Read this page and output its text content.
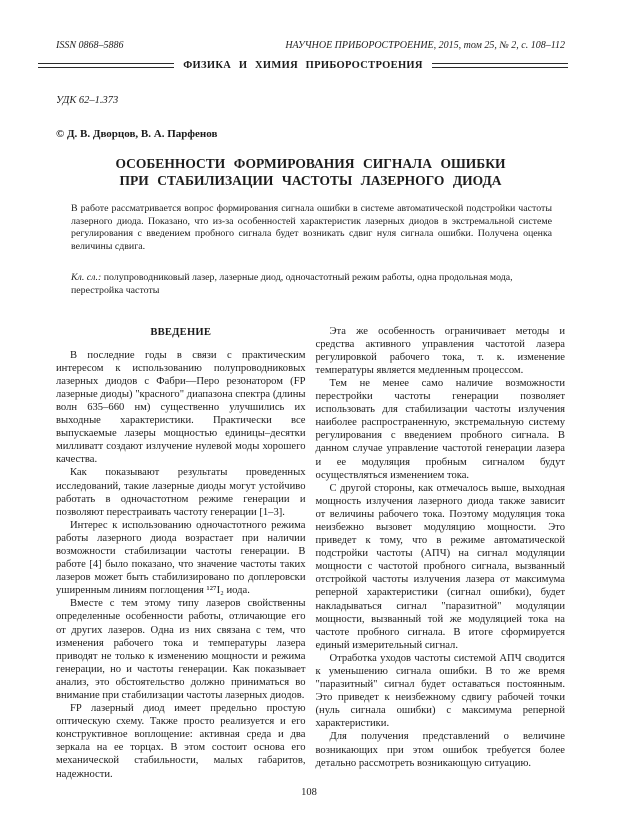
ISSN 0868–5886	НАУЧНОЕ ПРИБОРОСТРОЕНИЕ, 2015, том 25, № 2, с. 108–112
ФИЗИКА И ХИМИЯ ПРИБОРОСТРОЕНИЯ
УДК 62–1.373
© Д. В. Дворцов, В. А. Парфенов
ОСОБЕННОСТИ ФОРМИРОВАНИЯ СИГНАЛА ОШИБКИ
ПРИ СТАБИЛИЗАЦИИ ЧАСТОТЫ ЛАЗЕРНОГО ДИОДА

В работе рассматривается вопрос формирования сигнала ошибки в системе автоматической подстройки частоты лазерного диода. Показано, что из-за особенностей характеристик лазерных диодов в экстремальной системе регулирования с введением пробного сигнала будет возникать сдвиг нуля сигнала ошибки. Получена оценка величины сдвига.

Кл. сл.: полупроводниковый лазер, лазерные диод, одночастотный режим работы, одна продольная мода, перестройка частоты

ВВЕДЕНИЕ

В последние годы в связи с практическим интересом к использованию полупроводниковых лазерных диодов с Фабри—Перо резонатором (FP лазерные диоды) "красного" диапазона спектра (длины волн 635–660 нм) существенно улучшились их выходные характеристики. Практически все выпускаемые лазеры мощностью единицы–десятки милливатт создают излучение нулевой моды хорошего качества.

Как показывают результаты проведенных исследований, такие лазерные диоды могут устойчиво работать в одночастотном режиме генерации и позволяют перестраивать частоту генерации [1–3].

Интерес к использованию одночастотного режима работы лазерного диода возрастает при наличии возможности стабилизации частоты генерации. В работе [4] было показано, что значение частоты таких лазеров может быть стабилизировано по доплеровски уширенным линиям поглощения ¹²⁷I₂ иода.

Вместе с тем этому типу лазеров свойственны определенные особенности работы, отличающие его от других лазеров. Одна из них связана с тем, что изменения рабочего тока и температуры лазера приводят не только к изменению мощности и режима генерации, но и частоты генерации. Как показывает анализ, это обстоятельство должно приниматься во внимание при стабилизации частоты лазерных диодов.

FP лазерный диод имеет предельно простую оптическую схему. Также просто реализуется и его конструктивное воплощение: активная среда и два зеркала на ее торцах. В этом состоит основа его механической стабильности, малых габаритов, надежности.

Эта же особенность ограничивает методы и средства активного управления частотой лазера регулировкой рабочего тока, т. к. изменение температуры является медленным процессом.

Тем не менее само наличие возможности перестройки частоты генерации позволяет использовать для стабилизации частоты излучения наиболее распространенную, экстремальную систему регулирования с введением пробного сигнала. В данном случае управление частотой генерации лазера и ее модуляция пробным сигналом будут осуществляться изменением тока.

С другой стороны, как отмечалось выше, выходная мощность излучения лазерного диода также зависит от величины рабочего тока. Поэтому модуляция тока неизбежно вызовет модуляцию мощности. Это приведет к тому, что в режиме автоматической подстройки частоты (АПЧ) на сигнал модуляции мощности с частотой пробного сигнала, вызванный отстройкой частоты излучения лазера от максимума реперной характеристики (сигнал ошибки), будет накладываться сигнал "паразитной" модуляции мощности, вызванный той же модуляцией тока на частоте пробного сигнала. В итоге сформируется единый измерительный сигнал.

Отработка уходов частоты системой АПЧ сводится к уменьшению сигнала ошибки. В то же время "паразитный" сигнал будет оставаться постоянным. Это приведет к неизбежному сдвигу рабочей точки (нуль сигнала ошибки) с максимума реперной характеристики.

Для получения представлений о величине возникающих при этом ошибок требуется более детально рассмотреть возникающую ситуацию.

108
